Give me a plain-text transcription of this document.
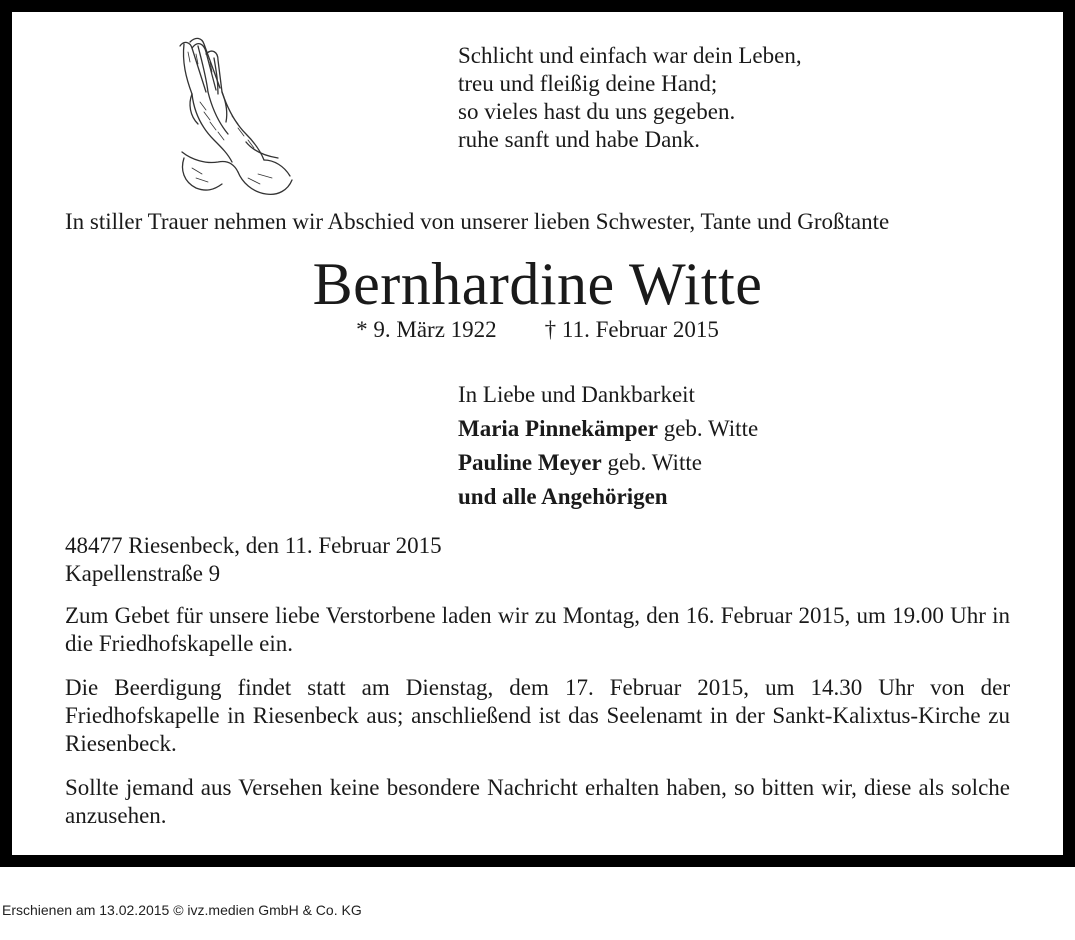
Schlicht und einfach war dein Leben,
treu und fleißig deine Hand;
so vieles hast du uns gegeben.
ruhe sanft und habe Dank.
In stiller Trauer nehmen wir Abschied von unserer lieben Schwester, Tante und Großtante
Bernhardine Witte
* 9. März 1922 † 11. Februar 2015
In Liebe und Dankbarkeit
Maria Pinnekämper geb. Witte
Pauline Meyer geb. Witte
und alle Angehörigen
48477 Riesenbeck, den 11. Februar 2015
Kapellenstraße 9
Zum Gebet für unsere liebe Verstorbene laden wir zu Montag, den 16. Februar 2015, um 19.00 Uhr in die Friedhofskapelle ein.
Die Beerdigung findet statt am Dienstag, dem 17. Februar 2015, um 14.30 Uhr von der Friedhofskapelle in Riesenbeck aus; anschließend ist das Seelenamt in der Sankt-Kalixtus-Kirche zu Riesenbeck.
Sollte jemand aus Versehen keine besondere Nachricht erhalten haben, so bitten wir, diese als solche anzusehen.
Erschienen am 13.02.2015 © ivz.medien GmbH & Co. KG
